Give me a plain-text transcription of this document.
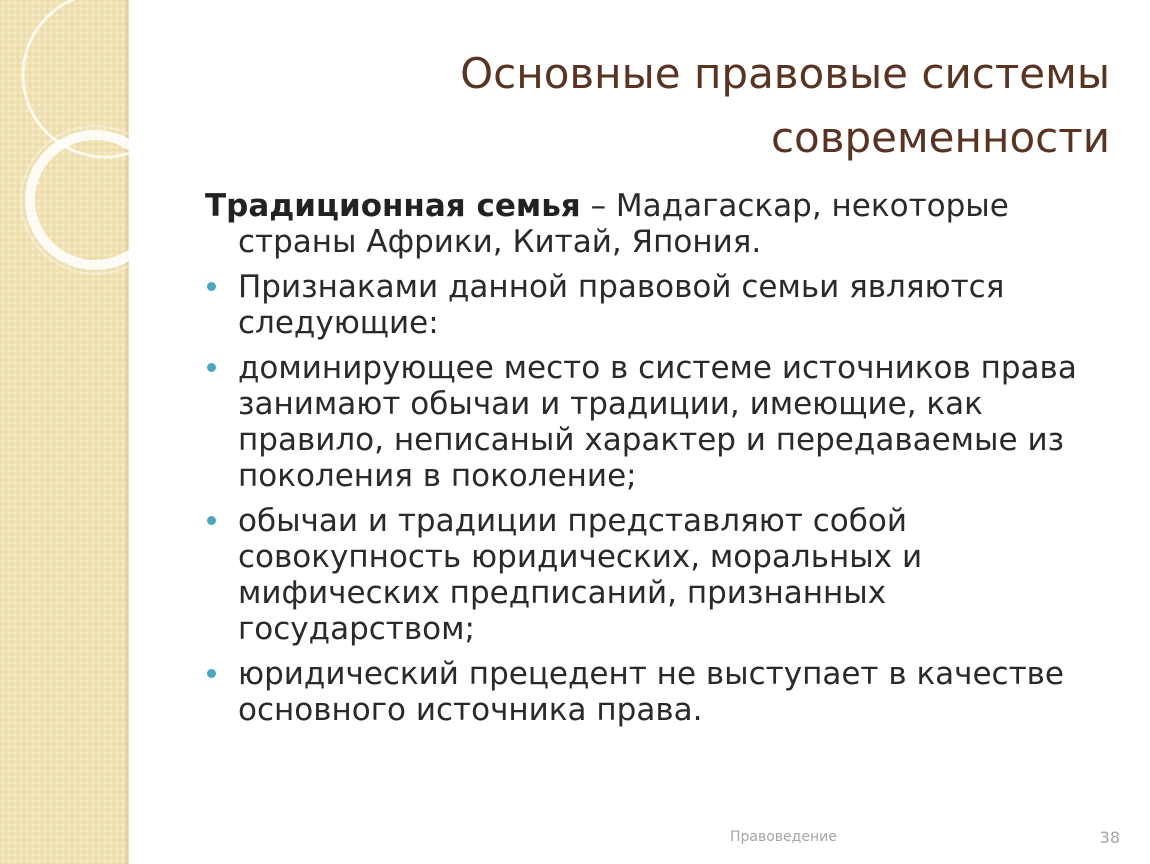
Основные правовые системы
современности

Традиционная семья – Мадагаскар, некоторые страны Африки, Китай, Япония.

Признаками данной правовой семьи являются следующие:
доминирующее место в системе источников права занимают обычаи и традиции, имеющие, как правило, неписаный характер и передаваемые из поколения в поколение;
обычаи и традиции представляют собой совокупность юридических, моральных и мифических предписаний, признанных государством;
юридический прецедент не выступает в качестве основного источника права.
Правоведение	38
